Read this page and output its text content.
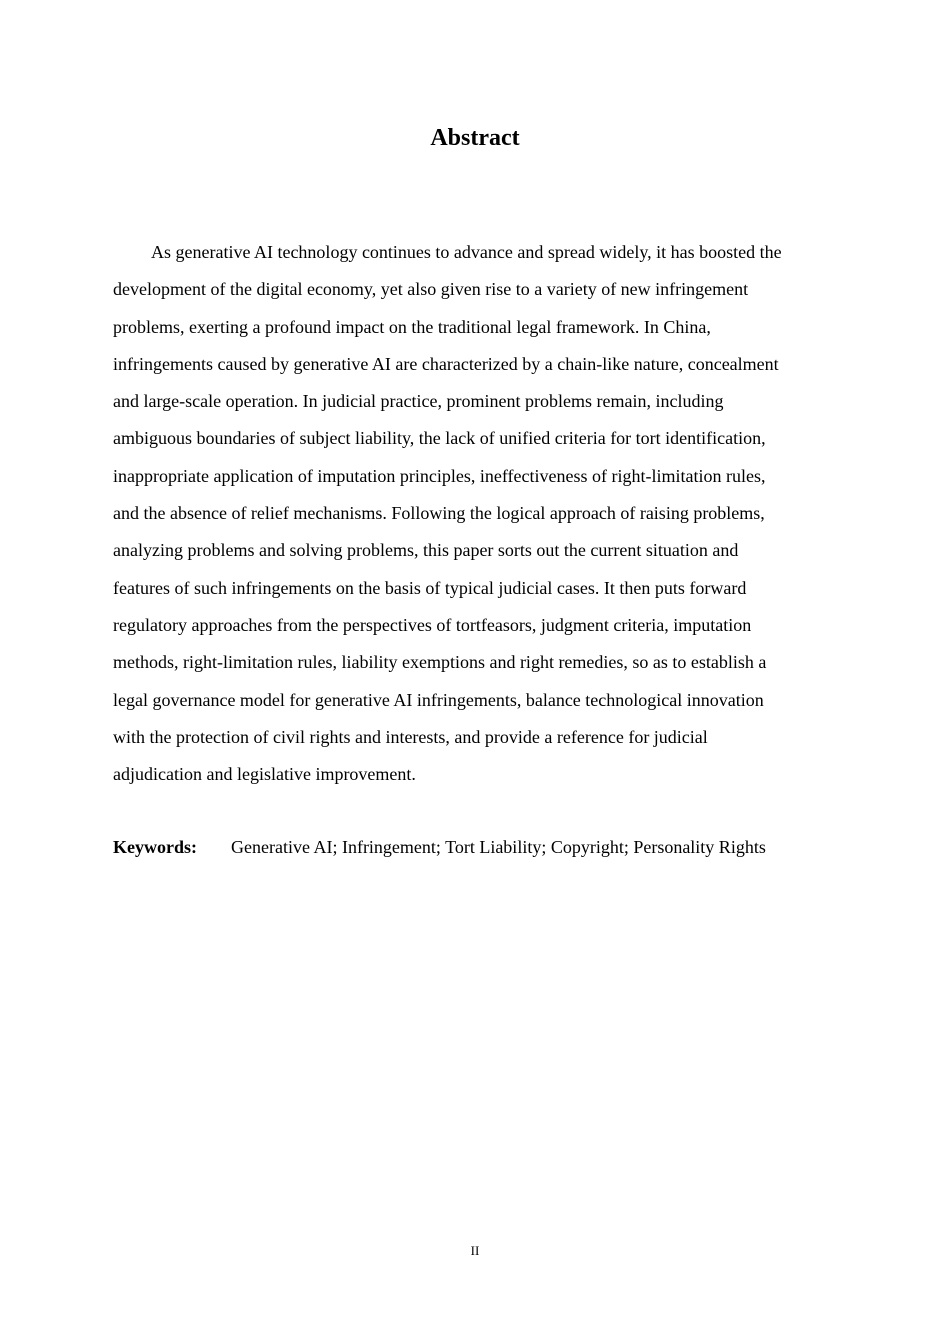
Abstract

As generative AI technology continues to advance and spread widely, it has boosted the
development of the digital economy, yet also given rise to a variety of new infringement
problems, exerting a profound impact on the traditional legal framework. In China,
infringements caused by generative AI are characterized by a chain-like nature, concealment
and large-scale operation. In judicial practice, prominent problems remain, including
ambiguous boundaries of subject liability, the lack of unified criteria for tort identification,
inappropriate application of imputation principles, ineffectiveness of right-limitation rules,
and the absence of relief mechanisms. Following the logical approach of raising problems,
analyzing problems and solving problems, this paper sorts out the current situation and
features of such infringements on the basis of typical judicial cases. It then puts forward
regulatory approaches from the perspectives of tortfeasors, judgment criteria, imputation
methods, right-limitation rules, liability exemptions and right remedies, so as to establish a
legal governance model for generative AI infringements, balance technological innovation
with the protection of civil rights and interests, and provide a reference for judicial
adjudication and legislative improvement.

Keywords: Generative AI; Infringement; Tort Liability; Copyright; Personality Rights
II
